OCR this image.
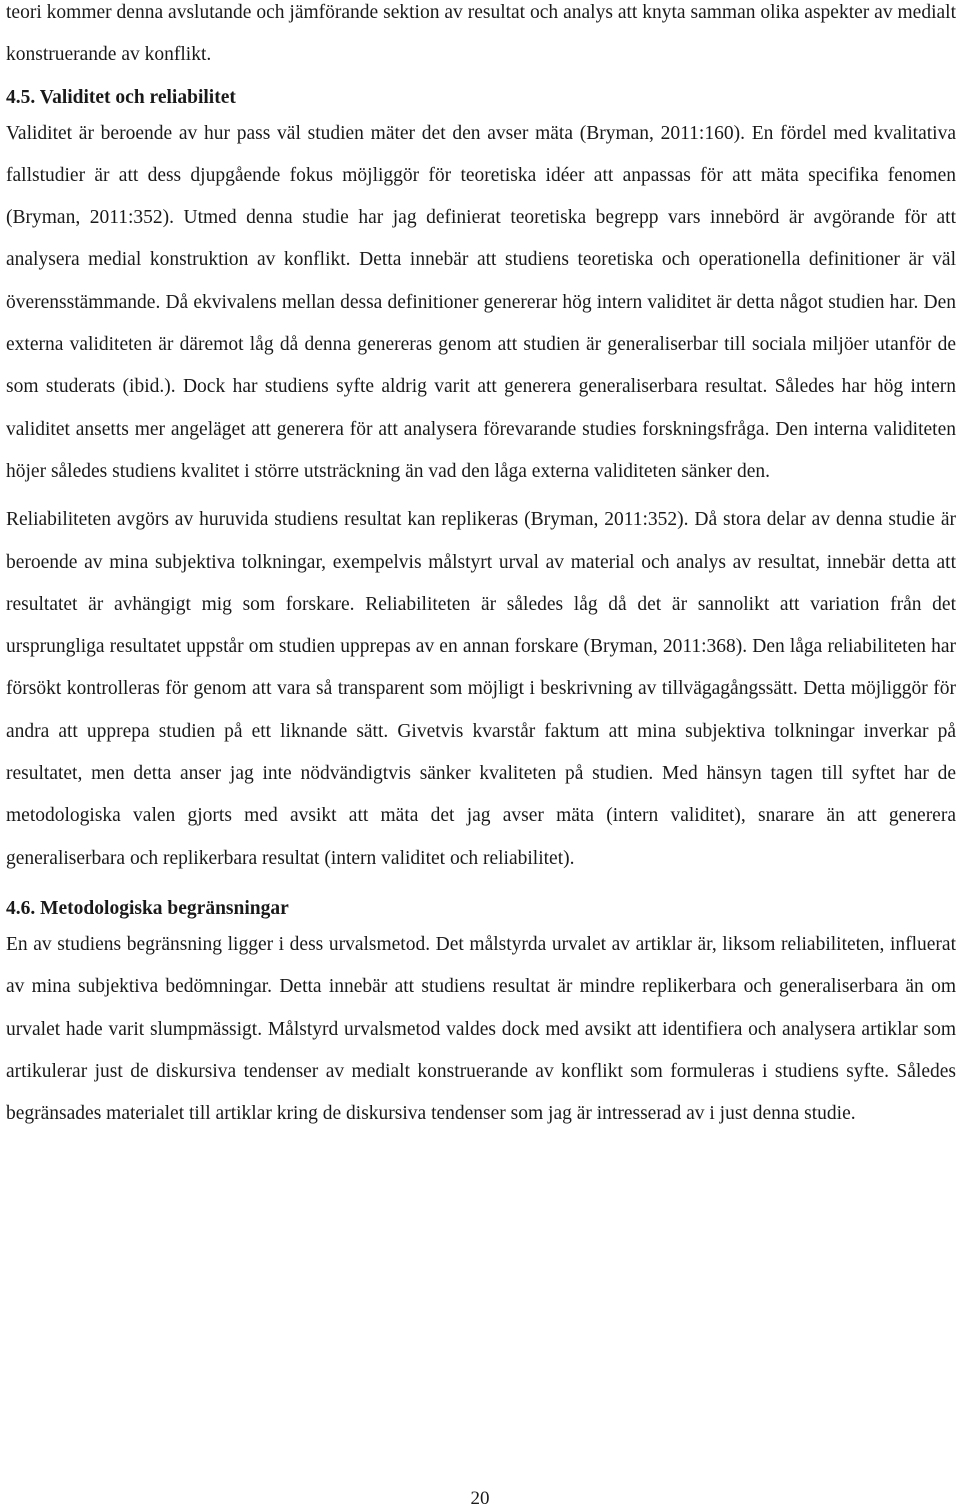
teori kommer denna avslutande och jämförande sektion av resultat och analys att knyta samman olika aspekter av medialt konstruerande av konflikt.

4.5. Validitet och reliabilitet

Validitet är beroende av hur pass väl studien mäter det den avser mäta (Bryman, 2011:160). En fördel med kvalitativa fallstudier är att dess djupgående fokus möjliggör för teoretiska idéer att anpassas för att mäta specifika fenomen (Bryman, 2011:352). Utmed denna studie har jag definierat teoretiska begrepp vars innebörd är avgörande för att analysera medial konstruktion av konflikt. Detta innebär att studiens teoretiska och operationella definitioner är väl överensstämmande. Då ekvivalens mellan dessa definitioner genererar hög intern validitet är detta något studien har. Den externa validiteten är däremot låg då denna genereras genom att studien är generaliserbar till sociala miljöer utanför de som studerats (ibid.). Dock har studiens syfte aldrig varit att generera generaliserbara resultat. Således har hög intern validitet ansetts mer angeläget att generera för att analysera förevarande studies forskningsfråga. Den interna validiteten höjer således studiens kvalitet i större utsträckning än vad den låga externa validiteten sänker den.

Reliabiliteten avgörs av huruvida studiens resultat kan replikeras (Bryman, 2011:352). Då stora delar av denna studie är beroende av mina subjektiva tolkningar, exempelvis målstyrt urval av material och analys av resultat, innebär detta att resultatet är avhängigt mig som forskare. Reliabiliteten är således låg då det är sannolikt att variation från det ursprungliga resultatet uppstår om studien upprepas av en annan forskare (Bryman, 2011:368). Den låga reliabiliteten har försökt kontrolleras för genom att vara så transparent som möjligt i beskrivning av tillvägagångssätt. Detta möjliggör för andra att upprepa studien på ett liknande sätt. Givetvis kvarstår faktum att mina subjektiva tolkningar inverkar på resultatet, men detta anser jag inte nödvändigtvis sänker kvaliteten på studien. Med hänsyn tagen till syftet har de metodologiska valen gjorts med avsikt att mäta det jag avser mäta (intern validitet), snarare än att generera generaliserbara och replikerbara resultat (intern validitet och reliabilitet).

4.6. Metodologiska begränsningar

En av studiens begränsning ligger i dess urvalsmetod. Det målstyrda urvalet av artiklar är, liksom reliabiliteten, influerat av mina subjektiva bedömningar. Detta innebär att studiens resultat är mindre replikerbara och generaliserbara än om urvalet hade varit slumpmässigt. Målstyrd urvalsmetod valdes dock med avsikt att identifiera och analysera artiklar som artikulerar just de diskursiva tendenser av medialt konstruerande av konflikt som formuleras i studiens syfte. Således begränsades materialet till artiklar kring de diskursiva tendenser som jag är intresserad av i just denna studie.

20
